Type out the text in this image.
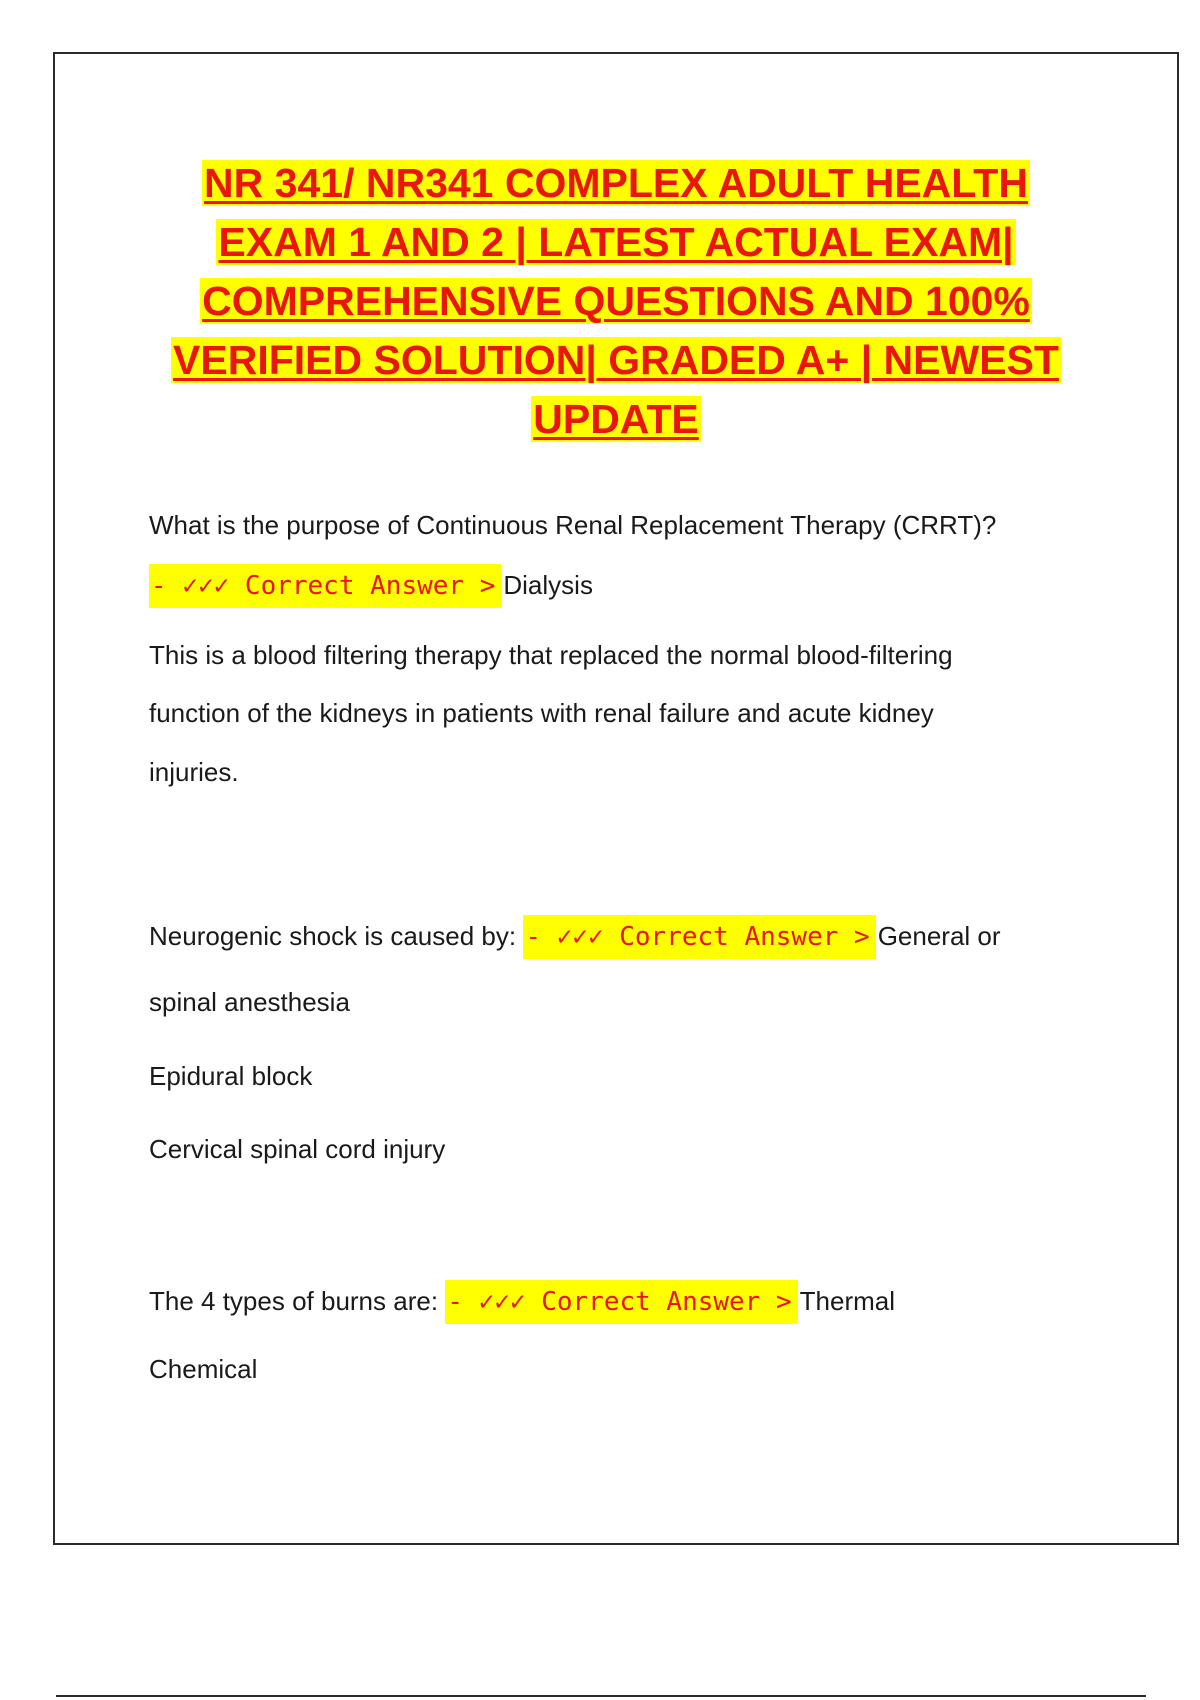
NR 341/ NR341 COMPLEX ADULT HEALTH
EXAM 1 AND 2 | LATEST ACTUAL EXAM|
COMPREHENSIVE QUESTIONS AND 100%
VERIFIED SOLUTION| GRADED A+ | NEWEST
UPDATE
What is the purpose of Continuous Renal Replacement Therapy (CRRT)?
- ✓✓✓ Correct Answer > Dialysis
This is a blood filtering therapy that replaced the normal blood-filtering
function of the kidneys in patients with renal failure and acute kidney
injuries.
Neurogenic shock is caused by: - ✓✓✓ Correct Answer > General or
spinal anesthesia
Epidural block
Cervical spinal cord injury
The 4 types of burns are: - ✓✓✓ Correct Answer > Thermal
Chemical
